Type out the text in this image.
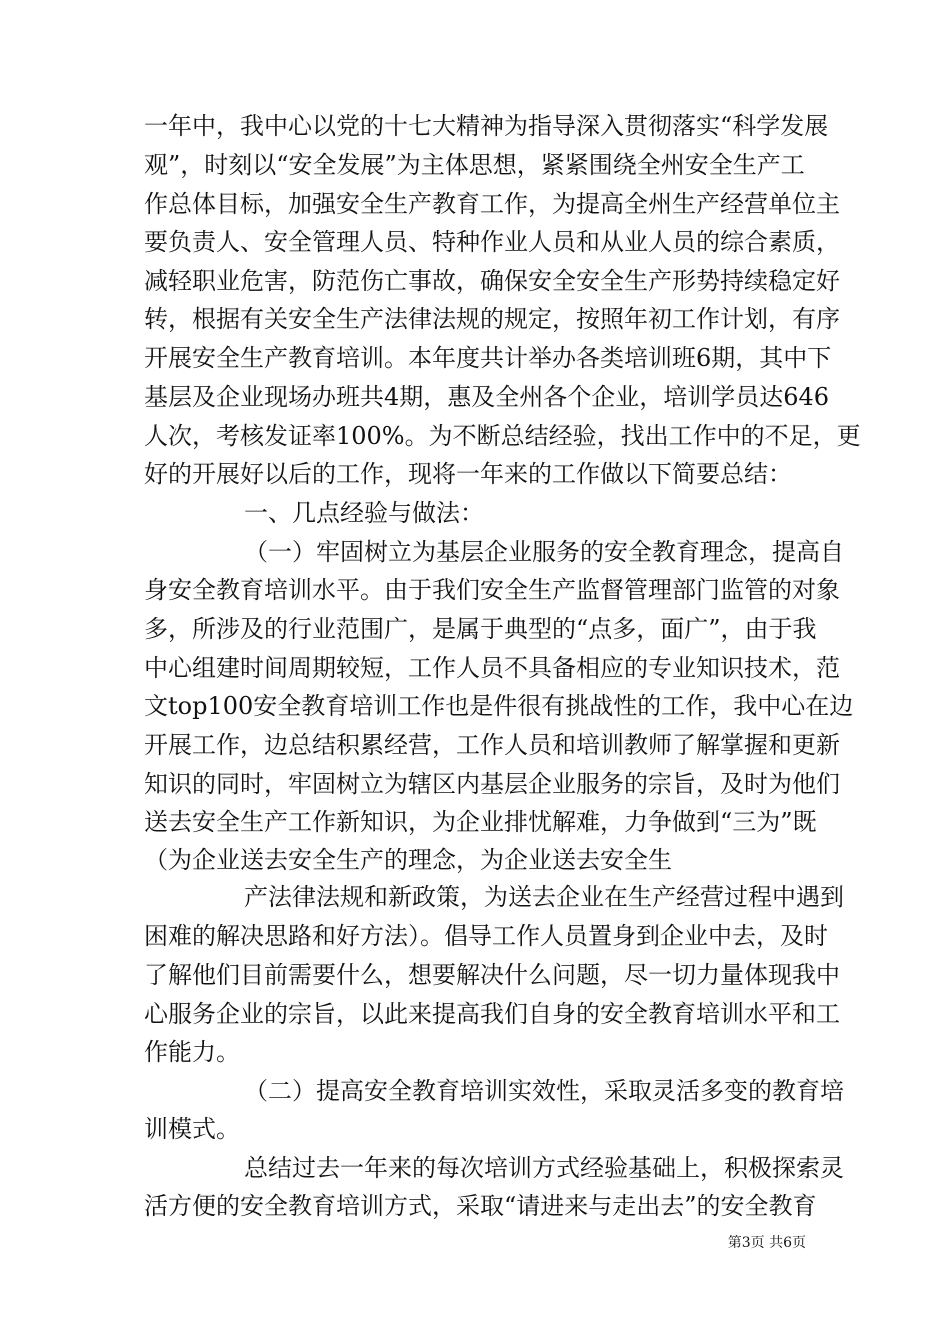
一年中，我中心以党的十七大精神为指导深入贯彻落实“科学发展
观”，时刻以“安全发展”为主体思想，紧紧围绕全州安全生产工
作总体目标，加强安全生产教育工作，为提高全州生产经营单位主
要负责人、安全管理人员、特种作业人员和从业人员的综合素质，
减轻职业危害，防范伤亡事故，确保安全安全生产形势持续稳定好
转，根据有关安全生产法律法规的规定，按照年初工作计划，有序
开展安全生产教育培训。本年度共计举办各类培训班6期，其中下
基层及企业现场办班共4期，惠及全州各个企业，培训学员达646
人次，考核发证率100%。为不断总结经验，找出工作中的不足，更
好的开展好以后的工作，现将一年来的工作做以下简要总结：
一、几点经验与做法：
（一）牢固树立为基层企业服务的安全教育理念，提高自
身安全教育培训水平。由于我们安全生产监督管理部门监管的对象
多，所涉及的行业范围广，是属于典型的“点多，面广”，由于我
中心组建时间周期较短，工作人员不具备相应的专业知识技术，范
文top100安全教育培训工作也是件很有挑战性的工作，我中心在边
开展工作，边总结积累经营，工作人员和培训教师了解掌握和更新
知识的同时，牢固树立为辖区内基层企业服务的宗旨，及时为他们
送去安全生产工作新知识，为企业排忧解难，力争做到“三为”既
（为企业送去安全生产的理念，为企业送去安全生
产法律法规和新政策，为送去企业在生产经营过程中遇到
困难的解决思路和好方法）。倡导工作人员置身到企业中去，及时
了解他们目前需要什么，想要解决什么问题，尽一切力量体现我中
心服务企业的宗旨，以此来提高我们自身的安全教育培训水平和工
作能力。
（二）提高安全教育培训实效性，采取灵活多变的教育培
训模式。
总结过去一年来的每次培训方式经验基础上，积极探索灵
活方便的安全教育培训方式，采取“请进来与走出去”的安全教育
第3页 共6页
